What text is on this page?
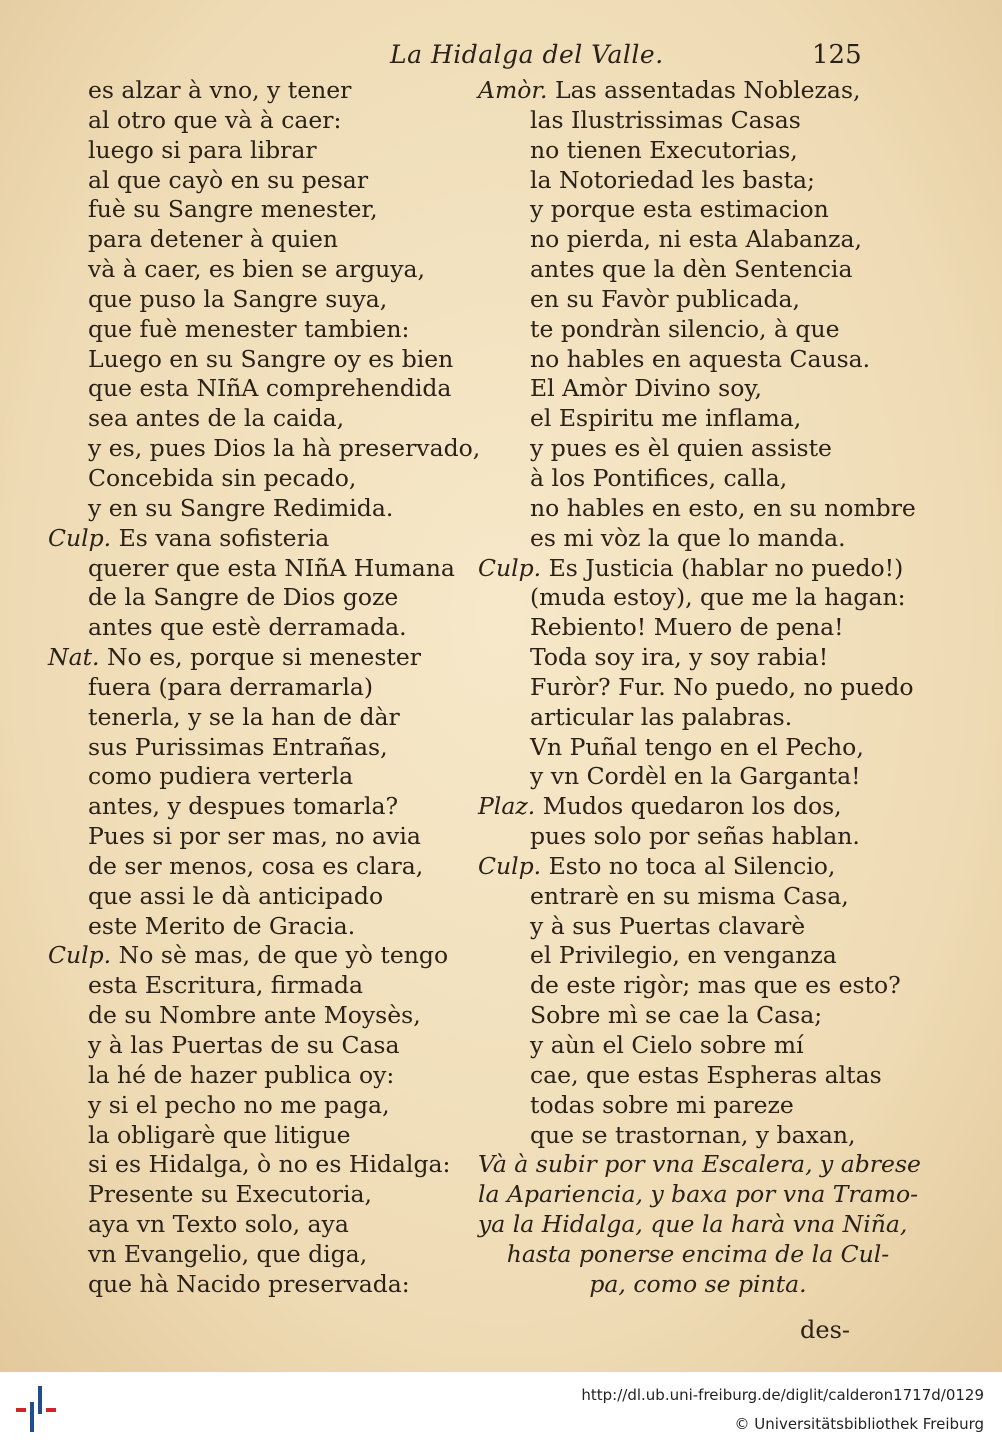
La Hidalga del Valle.	125
es alzar à vno, y tener
al otro que và à caer:
luego si para librar
al que cayò en su pesar
fuè su Sangre menester,
para detener à quien
và à caer, es bien se arguya,
que puso la Sangre suya,
que fuè menester tambien:
Luego en su Sangre oy es bien
que esta NIñA comprehendida
sea antes de la caida,
y es, pues Dios la hà preservado,
Concebida sin pecado,
y en su Sangre Redimida.
Culp. Es vana sofisteria
querer que esta NIñA Humana
de la Sangre de Dios goze
antes que estè derramada.
Nat. No es, porque si menester
fuera (para derramarla)
tenerla, y se la han de dàr
sus Purissimas Entrañas,
como pudiera verterla
antes, y despues tomarla?
Pues si por ser mas, no avia
de ser menos, cosa es clara,
que assi le dà anticipado
este Merito de Gracia.
Culp. No sè mas, de que yò tengo
esta Escritura, firmada
de su Nombre ante Moysès,
y à las Puertas de su Casa
la hé de hazer publica oy:
y si el pecho no me paga,
la obligarè que litigue
si es Hidalga, ò no es Hidalga:
Presente su Executoria,
aya vn Texto solo, aya
vn Evangelio, que diga,
que hà Nacido preservada:
Amòr. Las assentadas Noblezas,
las Ilustrissimas Casas
no tienen Executorias,
la Notoriedad les basta;
y porque esta estimacion
no pierda, ni esta Alabanza,
antes que la dèn Sentencia
en su Favòr publicada,
te pondràn silencio, à que
no hables en aquesta Causa.
El Amòr Divino soy,
el Espiritu me inflama,
y pues es èl quien assiste
à los Pontifices, calla,
no hables en esto, en su nombre
es mi vòz la que lo manda.
Culp. Es Justicia (hablar no puedo!)
(muda estoy), que me la hagan:
Rebiento! Muero de pena!
Toda soy ira, y soy rabia!
Furòr? Fur. No puedo, no puedo
articular las palabras.
Vn Puñal tengo en el Pecho,
y vn Cordèl en la Garganta!
Plaz. Mudos quedaron los dos,
pues solo por señas hablan.
Culp. Esto no toca al Silencio,
entrarè en su misma Casa,
y à sus Puertas clavarè
el Privilegio, en venganza
de este rigòr; mas que es esto?
Sobre mì se cae la Casa;
y aùn el Cielo sobre mí
cae, que estas Espheras altas
todas sobre mi pareze
que se trastornan, y baxan,
Và à subir por vna Escalera, y abrese
la Apariencia, y baxa por vna Tramo-
ya la Hidalga, que la harà vna Niña,
hasta ponerse encima de la Cul-
pa, como se pinta.
des-
http://dl.ub.uni-freiburg.de/diglit/calderon1717d/0129
© Universitätsbibliothek Freiburg
